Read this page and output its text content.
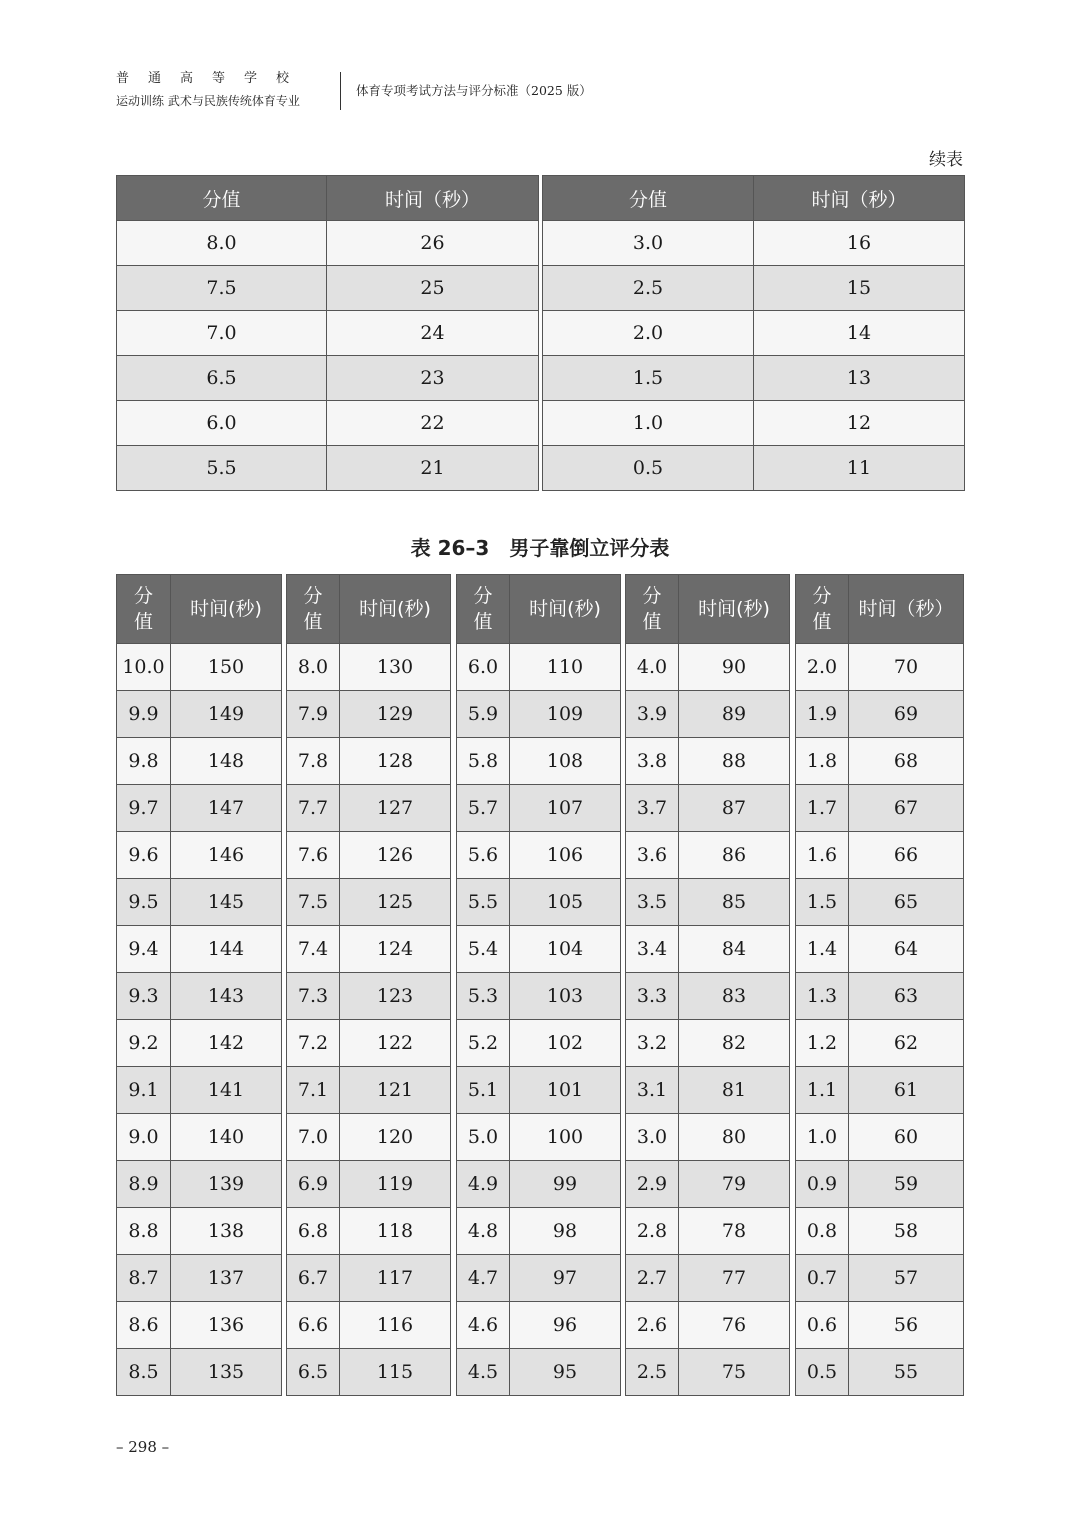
普通高等学校
运动训练 武术与民族传统体育专业
体育专项考试方法与评分标准（2025 版）
续表
分值	时间（秒）
8.0	26
7.5	25
7.0	24
6.5	23
6.0	22
5.5	21
分值	时间（秒）
3.0	16
2.5	15
2.0	14
1.5	13
1.0	12
0.5	11
表 26–3　男子靠倒立评分表
分
值	时间(秒)
10.0	150
9.9	149
9.8	148
9.7	147
9.6	146
9.5	145
9.4	144
9.3	143
9.2	142
9.1	141
9.0	140
8.9	139
8.8	138
8.7	137
8.6	136
8.5	135
分
值	时间(秒)
8.0	130
7.9	129
7.8	128
7.7	127
7.6	126
7.5	125
7.4	124
7.3	123
7.2	122
7.1	121
7.0	120
6.9	119
6.8	118
6.7	117
6.6	116
6.5	115
分
值	时间(秒)
6.0	110
5.9	109
5.8	108
5.7	107
5.6	106
5.5	105
5.4	104
5.3	103
5.2	102
5.1	101
5.0	100
4.9	99
4.8	98
4.7	97
4.6	96
4.5	95
分
值	时间(秒)
4.0	90
3.9	89
3.8	88
3.7	87
3.6	86
3.5	85
3.4	84
3.3	83
3.2	82
3.1	81
3.0	80
2.9	79
2.8	78
2.7	77
2.6	76
2.5	75
分
值	时间（秒）
2.0	70
1.9	69
1.8	68
1.7	67
1.6	66
1.5	65
1.4	64
1.3	63
1.2	62
1.1	61
1.0	60
0.9	59
0.8	58
0.7	57
0.6	56
0.5	55
– 298 –
